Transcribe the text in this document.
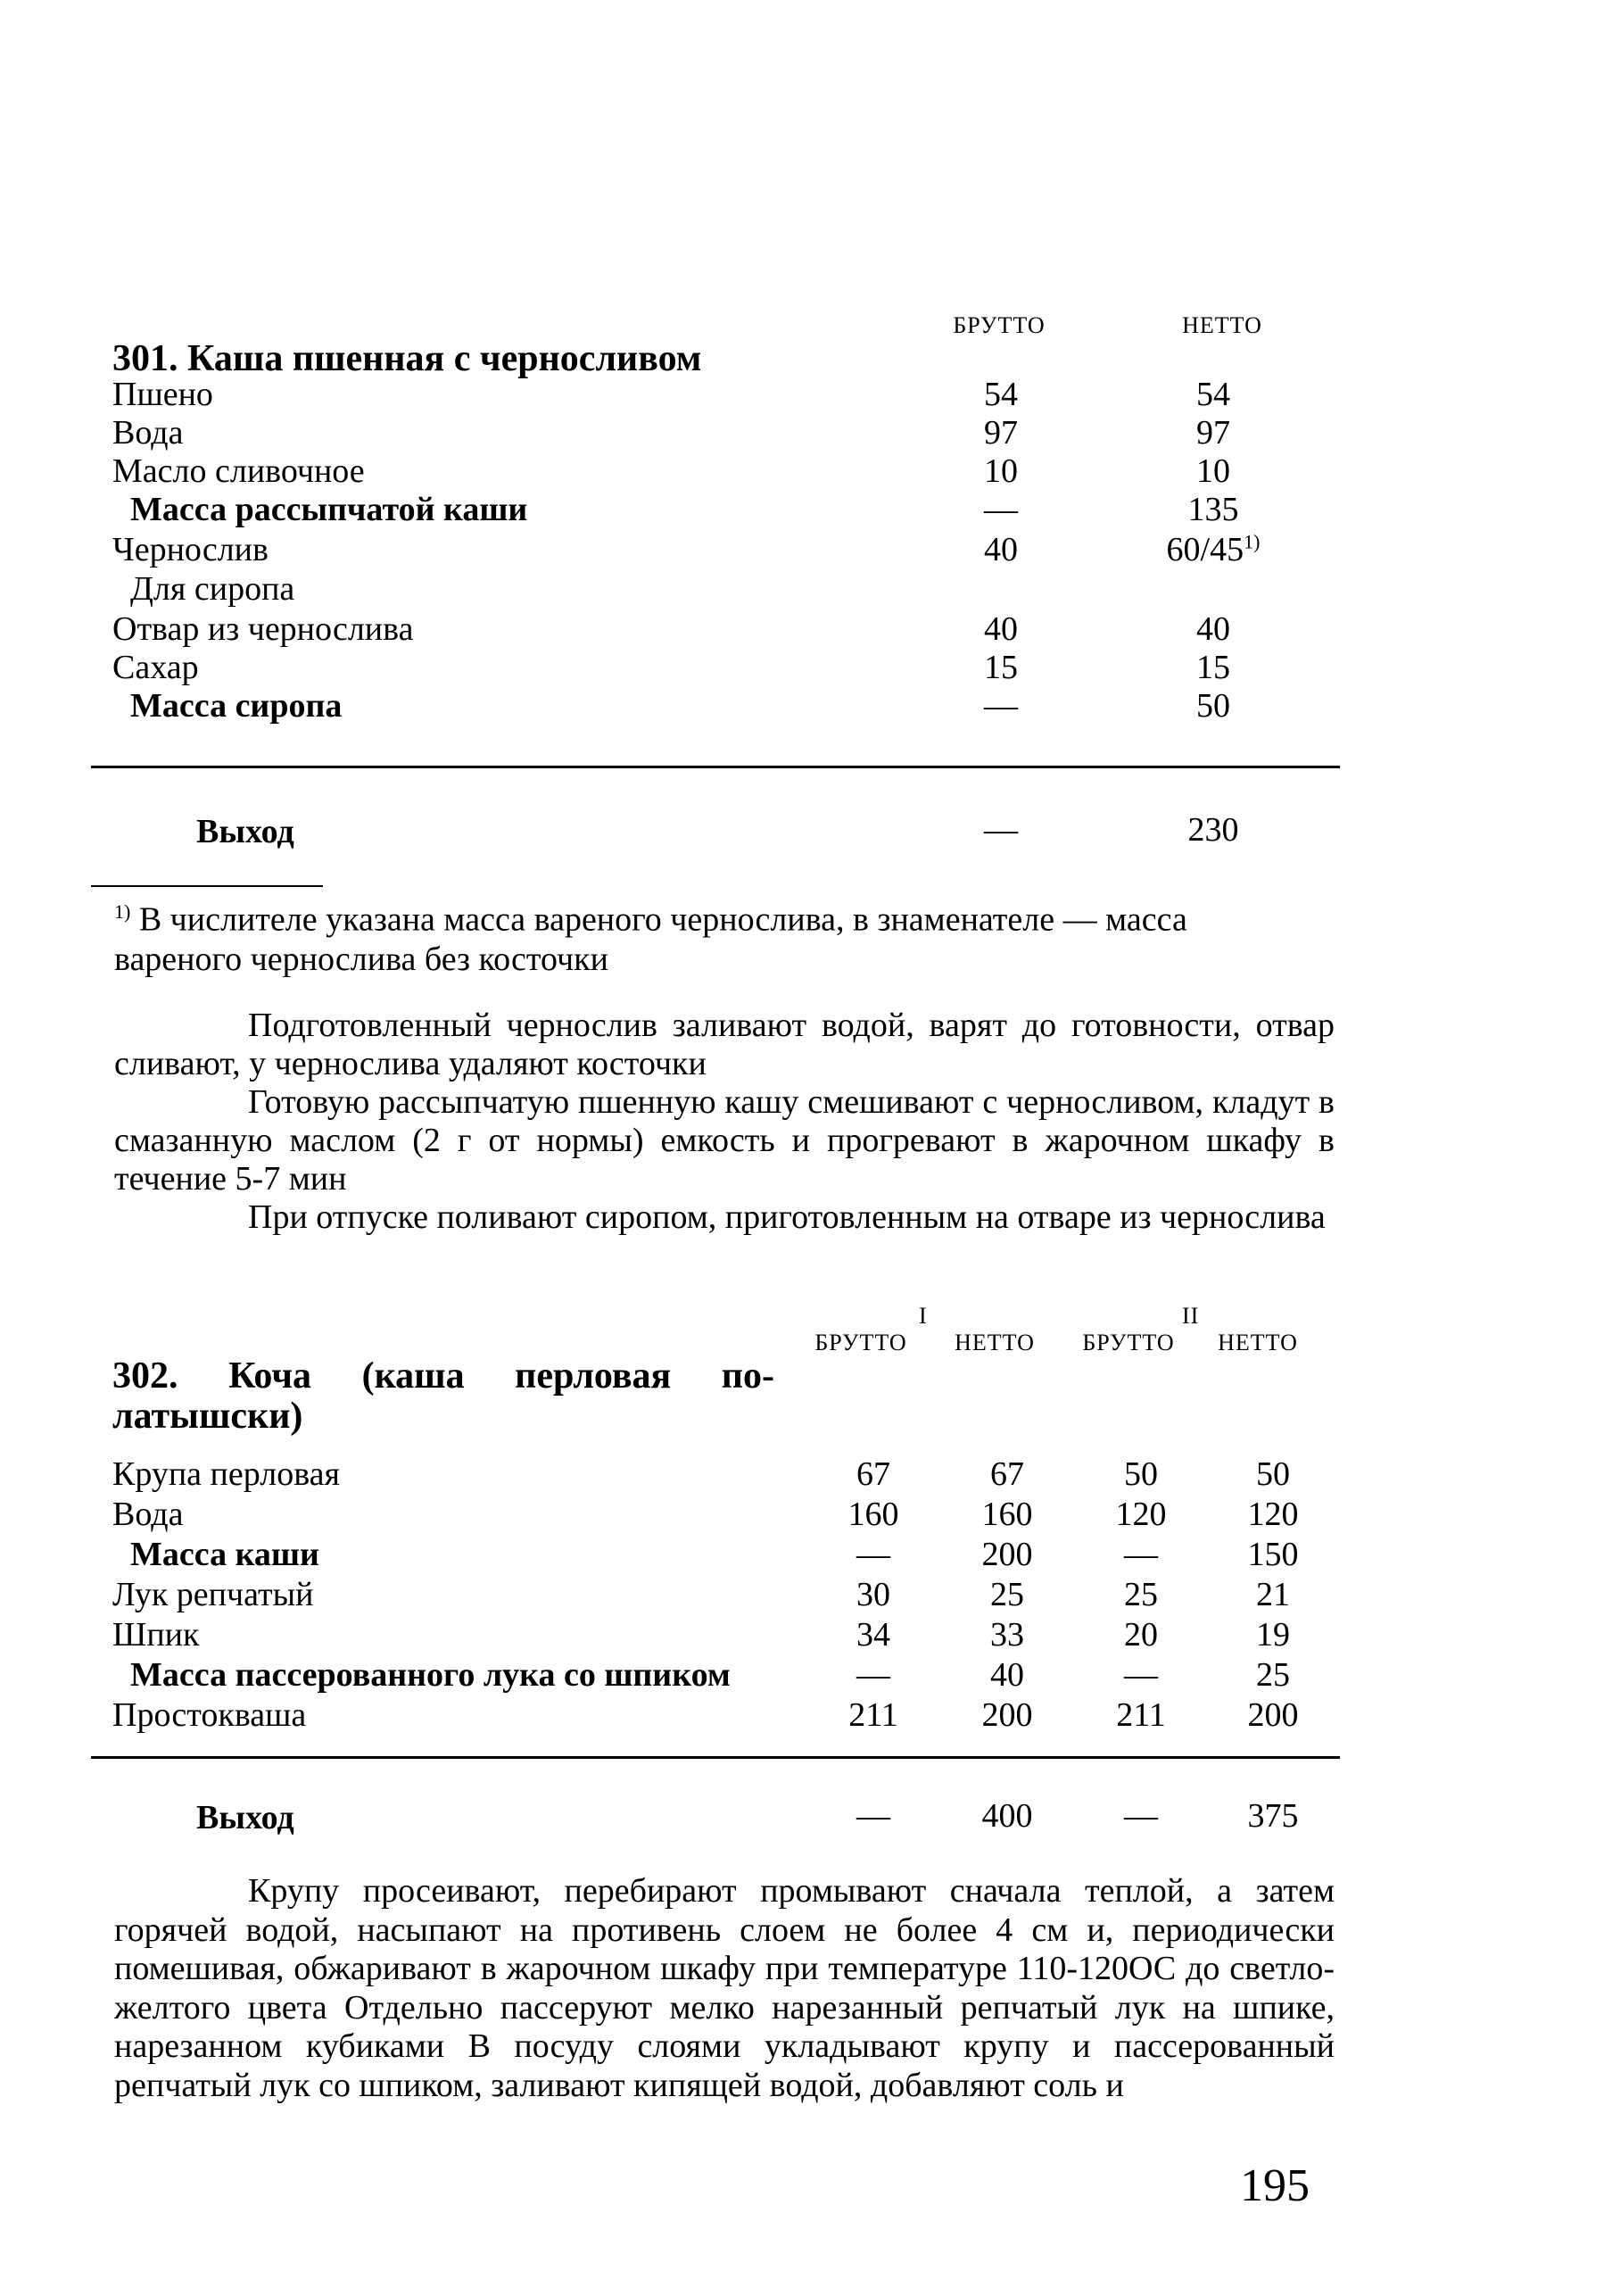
БРУТТО	НЕТТО
301. Каша пшенная с черносливом
Пшено	54	54
Вода	97	97
Масло сливочное	10	10
Масса рассыпчатой каши	—	135
Чернослив	40	60/45$^{1)}$
Для сиропа
Отвар из чернослива	40	40
Сахар	15	15
Масса сиропа	—	50
Выход	—	230
$^{1)}$ В числителе указана масса вареного чернослива, в знаменателе — масса вареного чернослива без косточки
Подготовленный чернослив заливают водой, варят до готовности, отвар сливают, у чернослива удаляют косточки
Готовую рассыпчатую пшенную кашу смешивают с черносливом, кладут в смазанную маслом (2 г от нормы) емкость и прогревают в жарочном шкафу в течение 5-7 мин
При отпуске поливают сиропом, приготовленным на отваре из чернослива
I	II
БРУТТО	НЕТТО	БРУТТО	НЕТТО
302. Коча (каша перловая по-
латышски)
Крупа перловая	67	67	50	50
Вода	160	160	120	120
Масса каши	—	200	—	150
Лук репчатый	30	25	25	21
Шпик	34	33	20	19
Масса пассерованного лука со шпиком	—	40	—	25
Простокваша	211	200	211	200
Выход	—	400	—	375
Крупу просеивают, перебирают промывают сначала теплой, а затем горячей водой, насыпают на противень слоем не более 4 см и, периодически помешивая, обжаривают в жарочном шкафу при температуре 110-120ОС до светло-желтого цвета Отдельно пассеруют мелко нарезанный репчатый лук на шпике, нарезанном кубиками В посуду слоями укладывают крупу и пассерованный репчатый лук со шпиком, заливают кипящей водой, добавляют соль и
195
